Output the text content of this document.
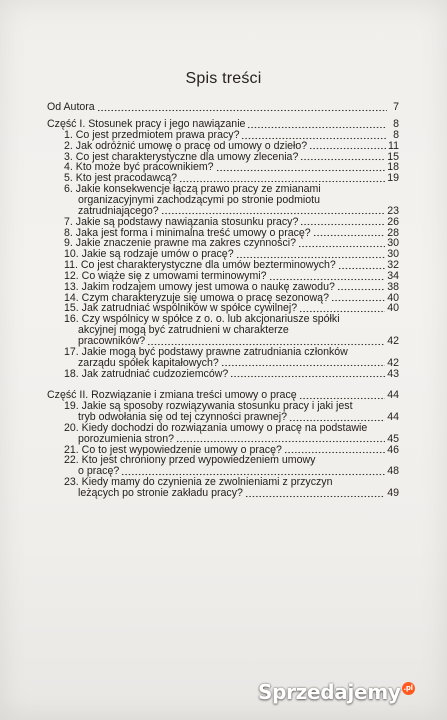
Spis treści
Od Autora	7
Część I. Stosunek pracy i jego nawiązanie	8
1. Co jest przedmiotem prawa pracy?	8
2. Jak odróżnić umowę o pracę od umowy o dzieło?	11
3. Co jest charakterystyczne dla umowy zlecenia?	15
4. Kto może być pracownikiem?	18
5. Kto jest pracodawcą?	19
6. Jakie konsekwencje łączą prawo pracy ze zmianami
organizacyjnymi zachodzącymi po stronie podmiotu
zatrudniającego?	23
7. Jakie są podstawy nawiązania stosunku pracy?	26
8. Jaka jest forma i minimalna treść umowy o pracę?	28
9. Jakie znaczenie prawne ma zakres czynności?	30
10. Jakie są rodzaje umów o pracę?	30
11. Co jest charakterystyczne dla umów bezterminowych?	32
12. Co wiąże się z umowami terminowymi?	34
13. Jakim rodzajem umowy jest umowa o naukę zawodu?	38
14. Czym charakteryzuje się umowa o pracę sezonową?	40
15. Jak zatrudniać wspólników w spółce cywilnej?	40
16. Czy wspólnicy w spółce z o. o. lub akcjonariusze spółki
akcyjnej mogą być zatrudnieni w charakterze
pracowników?	42
17. Jakie mogą być podstawy prawne zatrudniania członków
zarządu spółek kapitałowych?	42
18. Jak zatrudniać cudzoziemców?	43
Część II. Rozwiązanie i zmiana treści umowy o pracę	44
19. Jakie są sposoby rozwiązywania stosunku pracy i jaki jest
tryb odwołania się od tej czynności prawnej?	44
20. Kiedy dochodzi do rozwiązania umowy o pracę na podstawie
porozumienia stron?	45
21. Co to jest wypowiedzenie umowy o pracę?	46
22. Kto jest chroniony przed wypowiedzeniem umowy
o pracę?	48
23. Kiedy mamy do czynienia ze zwolnieniami z przyczyn
leżących po stronie zakładu pracy?	49
Sprzedajemy .pl
